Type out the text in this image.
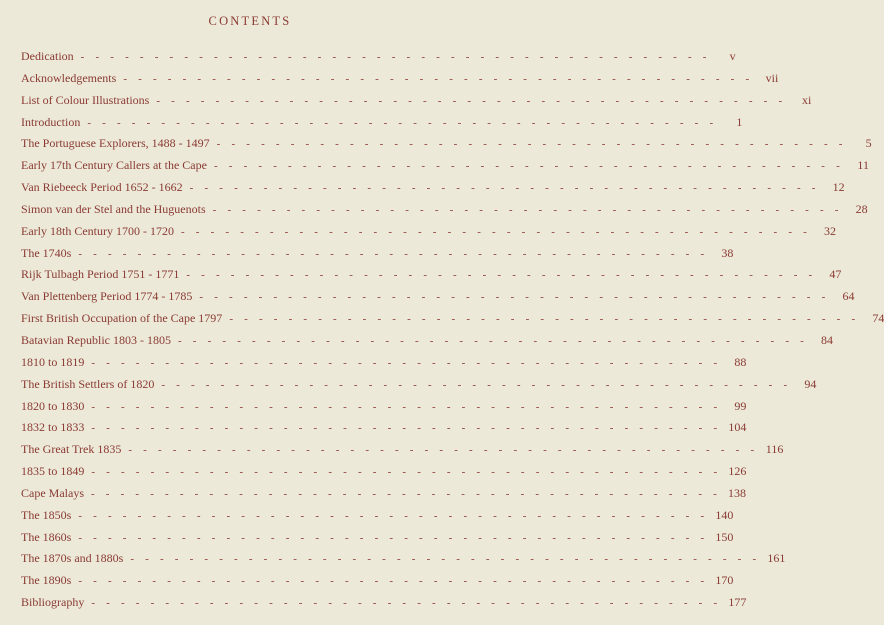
CONTENTS
Dedication - - - - - - - - - - - - - - - - - - - - - - - - - - - - - - - - - - - - - - - - - - -	v
Acknowledgements - - - - - - - - - - - - - - - - - - - - - - - - - - - - - - - - - - - - - - - - - - -	vii
List of Colour Illustrations - - - - - - - - - - - - - - - - - - - - - - - - - - - - - - - - - - - - - - - - - - -	xi
Introduction - - - - - - - - - - - - - - - - - - - - - - - - - - - - - - - - - - - - - - - - - - -	1
The Portuguese Explorers, 1488 - 1497 - - - - - - - - - - - - - - - - - - - - - - - - - - - - - - - - - - - - - - - - - - -	5
Early 17th Century Callers at the Cape - - - - - - - - - - - - - - - - - - - - - - - - - - - - - - - - - - - - - - - - - - -	11
Van Riebeeck Period 1652 - 1662 - - - - - - - - - - - - - - - - - - - - - - - - - - - - - - - - - - - - - - - - - - -	12
Simon van der Stel and the Huguenots - - - - - - - - - - - - - - - - - - - - - - - - - - - - - - - - - - - - - - - - - - -	28
Early 18th Century 1700 - 1720 - - - - - - - - - - - - - - - - - - - - - - - - - - - - - - - - - - - - - - - - - - -	32
The 1740s - - - - - - - - - - - - - - - - - - - - - - - - - - - - - - - - - - - - - - - - - - -	38
Rijk Tulbagh Period 1751 - 1771 - - - - - - - - - - - - - - - - - - - - - - - - - - - - - - - - - - - - - - - - - - -	47
Van Plettenberg Period 1774 - 1785 - - - - - - - - - - - - - - - - - - - - - - - - - - - - - - - - - - - - - - - - - - -	64
First British Occupation of the Cape 1797 - - - - - - - - - - - - - - - - - - - - - - - - - - - - - - - - - - - - - - - - - - -	74
Batavian Republic 1803 - 1805 - - - - - - - - - - - - - - - - - - - - - - - - - - - - - - - - - - - - - - - - - - -	84
1810 to 1819 - - - - - - - - - - - - - - - - - - - - - - - - - - - - - - - - - - - - - - - - - - -	88
The British Settlers of 1820 - - - - - - - - - - - - - - - - - - - - - - - - - - - - - - - - - - - - - - - - - - -	94
1820 to 1830 - - - - - - - - - - - - - - - - - - - - - - - - - - - - - - - - - - - - - - - - - - -	99
1832 to 1833 - - - - - - - - - - - - - - - - - - - - - - - - - - - - - - - - - - - - - - - - - - - 104
The Great Trek 1835 - - - - - - - - - - - - - - - - - - - - - - - - - - - - - - - - - - - - - - - - - - - 116
1835 to 1849 - - - - - - - - - - - - - - - - - - - - - - - - - - - - - - - - - - - - - - - - - - - 126
Cape Malays - - - - - - - - - - - - - - - - - - - - - - - - - - - - - - - - - - - - - - - - - - - 138
The 1850s - - - - - - - - - - - - - - - - - - - - - - - - - - - - - - - - - - - - - - - - - - - 140
The 1860s - - - - - - - - - - - - - - - - - - - - - - - - - - - - - - - - - - - - - - - - - - - 150
The 1870s and 1880s - - - - - - - - - - - - - - - - - - - - - - - - - - - - - - - - - - - - - - - - - - - 161
The 1890s - - - - - - - - - - - - - - - - - - - - - - - - - - - - - - - - - - - - - - - - - - - 170
Bibliography - - - - - - - - - - - - - - - - - - - - - - - - - - - - - - - - - - - - - - - - - - - 177
